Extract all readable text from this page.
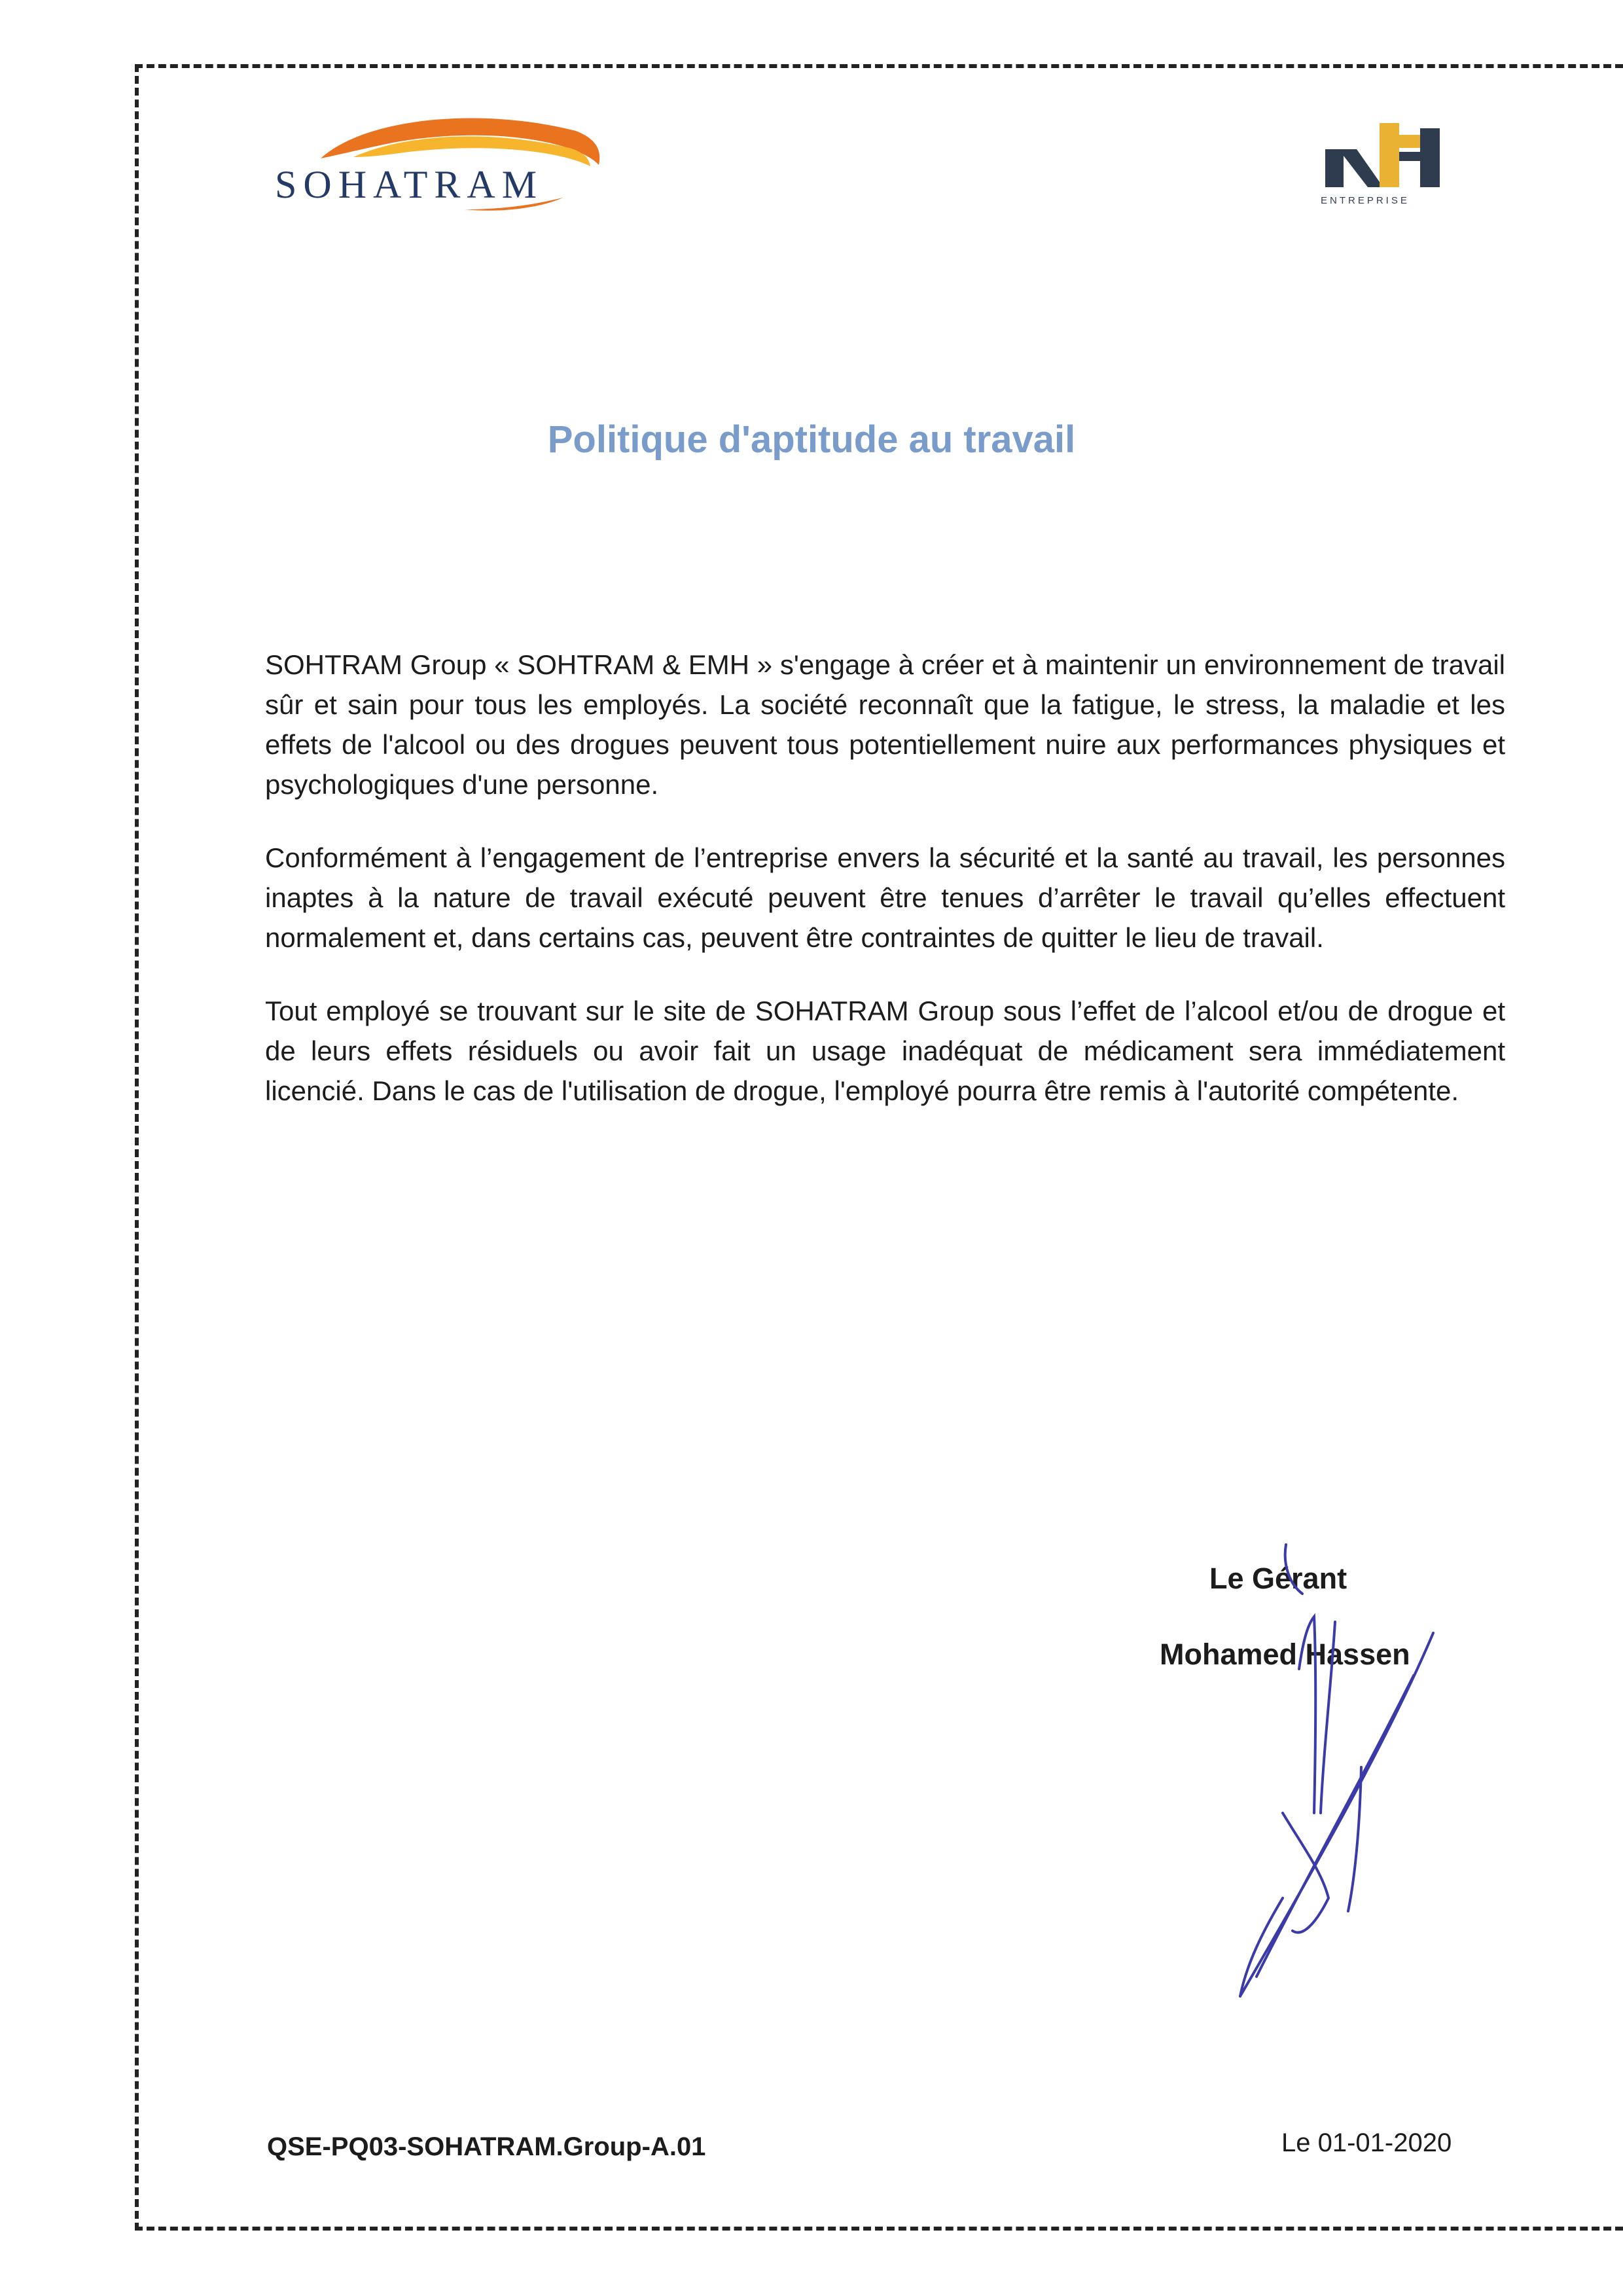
SOHATRAM	ENTREPRISE
Politique d'aptitude au travail

SOHTRAM Group « SOHTRAM & EMH » s'engage à créer et à maintenir un environnement de travail sûr et sain pour tous les employés. La société reconnaît que la fatigue, le stress, la maladie et les effets de l'alcool ou des drogues peuvent tous potentiellement nuire aux performances physiques et psychologiques d'une personne.

Conformément à l’engagement de l’entreprise envers la sécurité et la santé au travail, les personnes inaptes à la nature de travail exécuté peuvent être tenues d’arrêter le travail qu’elles effectuent normalement et, dans certains cas, peuvent être contraintes de quitter le lieu de travail.

Tout employé se trouvant sur le site de SOHATRAM Group sous l’effet de l’alcool et/ou de drogue et de leurs effets résiduels ou avoir fait un usage inadéquat de médicament sera immédiatement licencié. Dans le cas de l'utilisation de drogue, l'employé pourra être remis à l'autorité compétente.

Le Gérant

Mohamed Hassen

QSE-PQ03-SOHATRAM.Group-A.01	Le 01-01-2020
